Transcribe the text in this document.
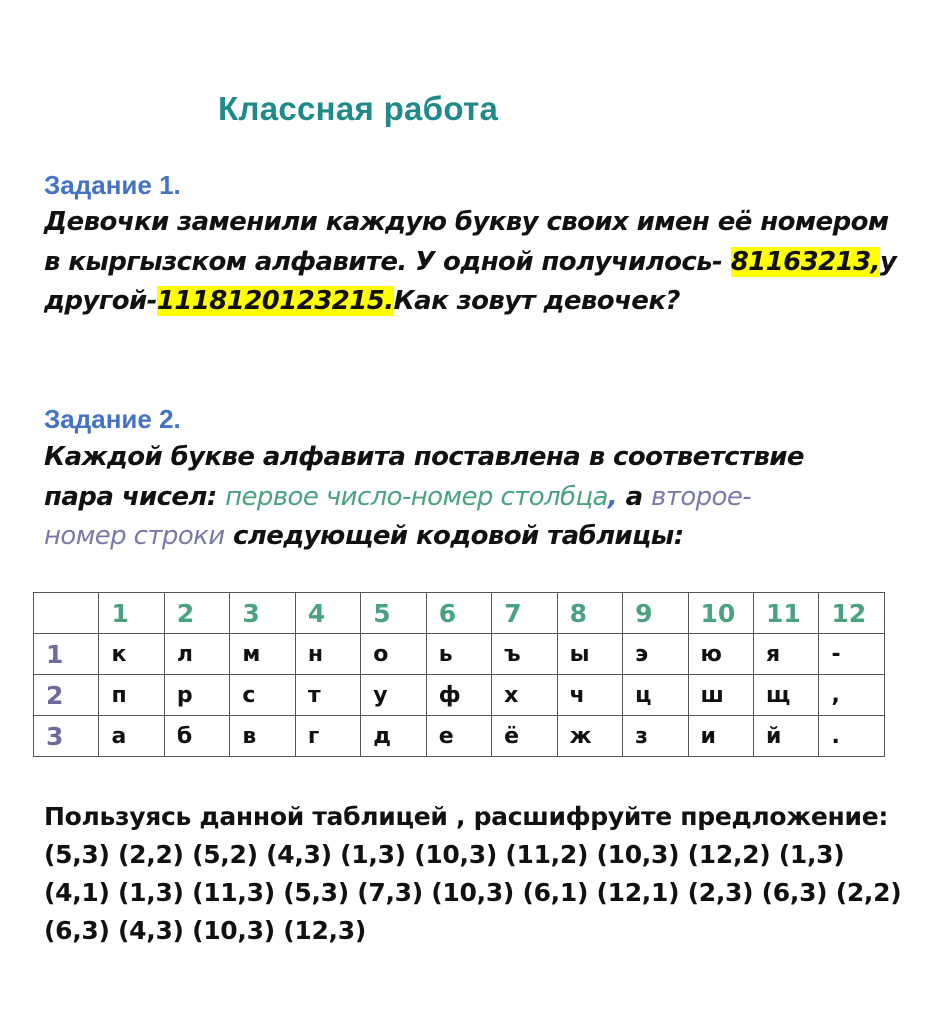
Классная работа
Задание 1.
Девочки заменили каждую букву своих имен её номером
в кыргызском алфавите. У одной получилось- 81163213,у
другой-1118120123215.Как зовут девочек?
Задание 2.
Каждой букве алфавита поставлена в соответствие
пара чисел: первое число-номер столбца, а второе-
номер строки следующей кодовой таблицы:
	1	2	3	4	5	6	7	8	9	10	11	12
1	к	л	м	н	о	ь	ъ	ы	э	ю	я	-
2	п	р	с	т	у	ф	х	ч	ц	ш	щ	,
3	а	б	в	г	д	е	ё	ж	з	и	й	.
Пользуясь данной таблицей , расшифруйте предложение:
(5,3) (2,2) (5,2) (4,3) (1,3) (10,3) (11,2) (10,3) (12,2) (1,3)
(4,1) (1,3) (11,3) (5,3) (7,3) (10,3) (6,1) (12,1) (2,3) (6,3) (2,2)
(6,3) (4,3) (10,3) (12,3)
